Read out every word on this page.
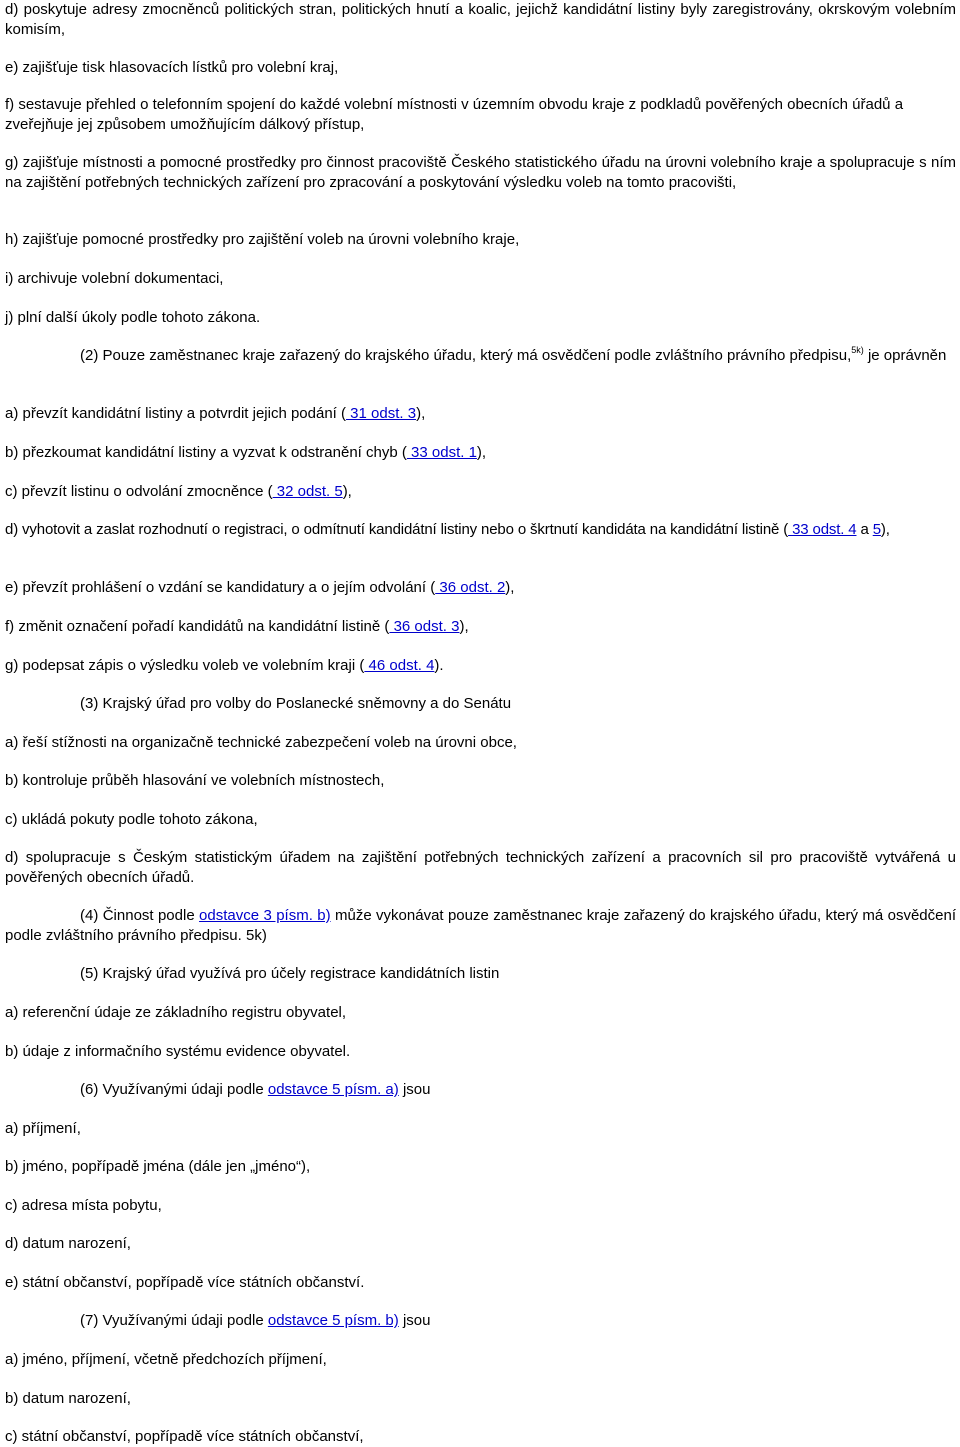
d) poskytuje adresy zmocněnců politických stran, politických hnutí a koalic, jejichž kandidátní listiny byly zaregistrovány, okrskovým volebním komisím,

e) zajišťuje tisk hlasovacích lístků pro volební kraj,

f) sestavuje přehled o telefonním spojení do každé volební místnosti v územním obvodu kraje z podkladů pověřených obecních úřadů a zveřejňuje jej způsobem umožňujícím dálkový přístup,

g) zajišťuje místnosti a pomocné prostředky pro činnost pracoviště Českého statistického úřadu na úrovni volebního kraje a spolupracuje s ním na zajištění potřebných technických zařízení pro zpracování a poskytování výsledku voleb na tomto pracovišti,

h) zajišťuje pomocné prostředky pro zajištění voleb na úrovni volebního kraje,

i) archivuje volební dokumentaci,

j) plní další úkoly podle tohoto zákona.

(2) Pouze zaměstnanec kraje zařazený do krajského úřadu, který má osvědčení podle zvláštního právního předpisu,$^{5k)}$ je oprávněn

a) převzít kandidátní listiny a potvrdit jejich podání ( 31 odst. 3),

b) přezkoumat kandidátní listiny a vyzvat k odstranění chyb ( 33 odst. 1),

c) převzít listinu o odvolání zmocněnce ( 32 odst. 5),

d) vyhotovit a zaslat rozhodnutí o registraci, o odmítnutí kandidátní listiny nebo o škrtnutí kandidáta na kandidátní listině ( 33 odst. 4 a 5),

e) převzít prohlášení o vzdání se kandidatury a o jejím odvolání ( 36 odst. 2),

f) změnit označení pořadí kandidátů na kandidátní listině ( 36 odst. 3),

g) podepsat zápis o výsledku voleb ve volebním kraji ( 46 odst. 4).

(3) Krajský úřad pro volby do Poslanecké sněmovny a do Senátu

a) řeší stížnosti na organizačně technické zabezpečení voleb na úrovni obce,

b) kontroluje průběh hlasování ve volebních místnostech,

c) ukládá pokuty podle tohoto zákona,

d) spolupracuje s Českým statistickým úřadem na zajištění potřebných technických zařízení a pracovních sil pro pracoviště vytvářená u pověřených obecních úřadů.

(4) Činnost podle odstavce 3 písm. b) může vykonávat pouze zaměstnanec kraje zařazený do krajského úřadu, který má osvědčení podle zvláštního právního předpisu. 5k)

(5) Krajský úřad využívá pro účely registrace kandidátních listin

a) referenční údaje ze základního registru obyvatel,

b) údaje z informačního systému evidence obyvatel.

(6) Využívanými údaji podle odstavce 5 písm. a) jsou

a) příjmení,

b) jméno, popřípadě jména (dále jen „jméno“),

c) adresa místa pobytu,

d) datum narození,

e) státní občanství, popřípadě více státních občanství.

(7) Využívanými údaji podle odstavce 5 písm. b) jsou

a) jméno, příjmení, včetně předchozích příjmení,

b) datum narození,

c) státní občanství, popřípadě více státních občanství,
